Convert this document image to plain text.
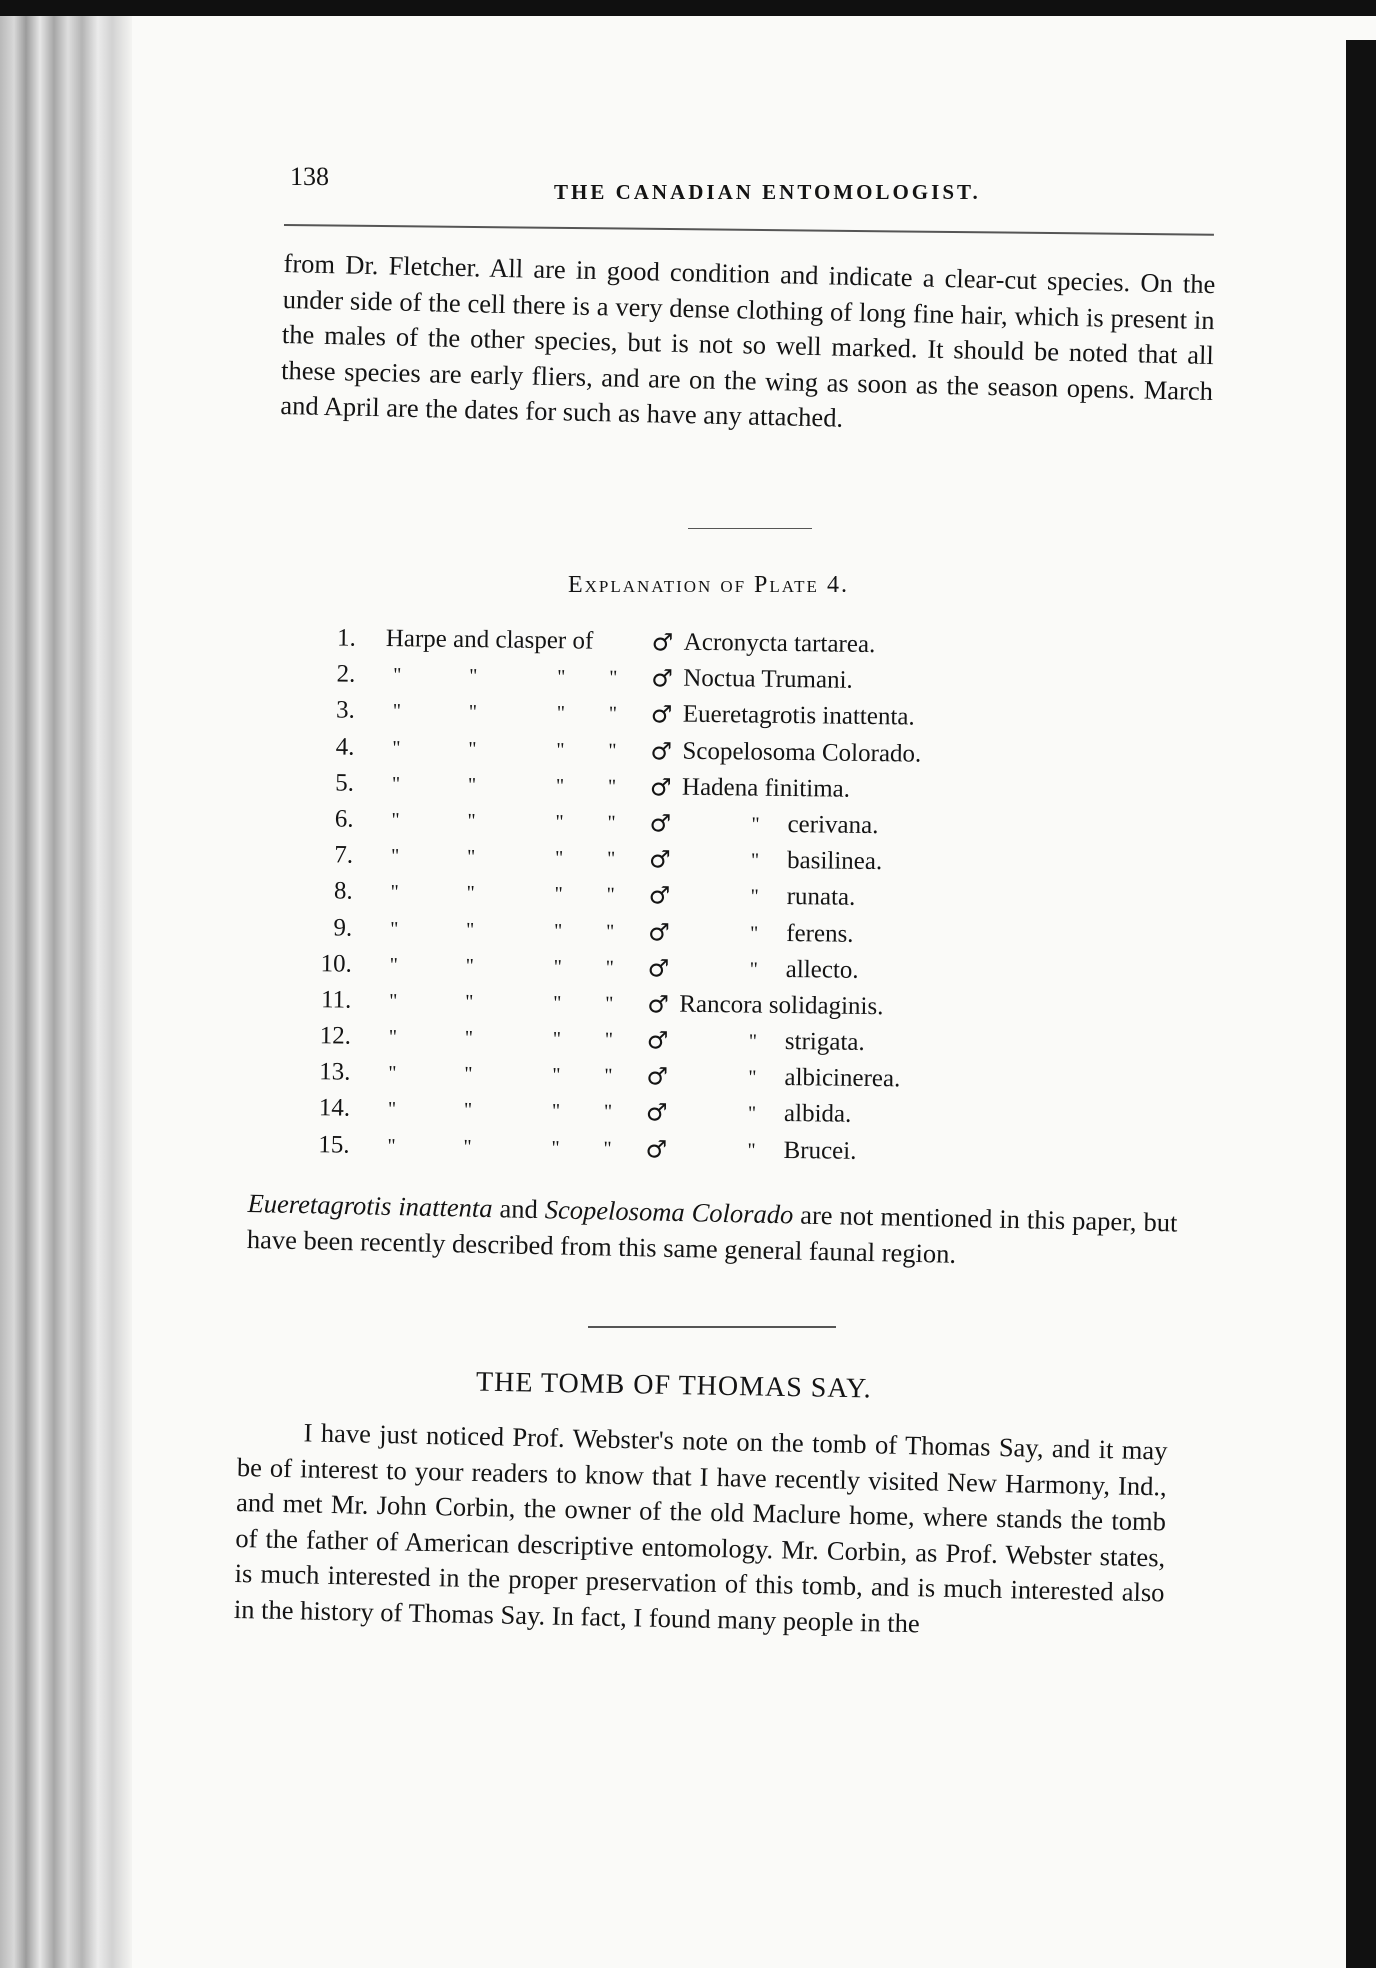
138
THE CANADIAN ENTOMOLOGIST.

from Dr. Fletcher. All are in good condition and indicate a clear-cut species. On the under side of the cell there is a very dense clothing of long fine hair, which is present in the males of the other species, but is not so well marked. It should be noted that all these species are early fliers, and are on the wing as soon as the season opens. March and April are the dates for such as have any attached.

Explanation of Plate 4.
1. Harpe and clasper of ♂ Acronycta tartarea.
2. "	"	" " ♂ Noctua Trumani.
3. "	"	" " ♂ Eueretagrotis inattenta.
4. "	"	" " ♂ Scopelosoma Colorado.
5. "	"	" " ♂ Hadena finitima.
6. "	"	" " ♂	" cerivana.
7. "	"	" " ♂	" basilinea.
8. "	"	" " ♂	" runata.
9. "	"	" " ♂	" ferens.
10. "	"	" " ♂	" allecto.
11. "	"	" " ♂ Rancora solidaginis.
12. "	"	" " ♂	" strigata.
13. "	"	" " ♂	" albicinerea.
14. "	"	" " ♂	" albida.
15. "	"	" " ♂	" Brucei.

Eueretagrotis inattenta and Scopelosoma Colorado are not mentioned in this paper, but have been recently described from this same general faunal region.

THE TOMB OF THOMAS SAY.

I have just noticed Prof. Webster's note on the tomb of Thomas Say, and it may be of interest to your readers to know that I have recently visited New Harmony, Ind., and met Mr. John Corbin, the owner of the old Maclure home, where stands the tomb of the father of American descriptive entomology. Mr. Corbin, as Prof. Webster states, is much interested in the proper preservation of this tomb, and is much interested also in the history of Thomas Say. In fact, I found many people in the
